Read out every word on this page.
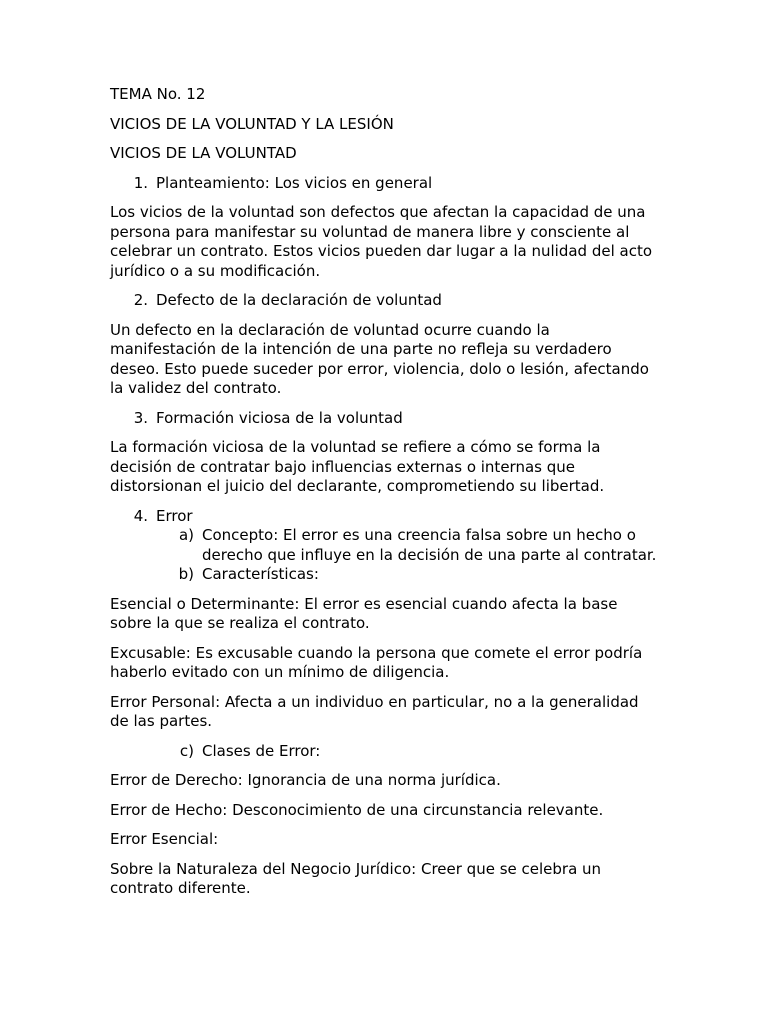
TEMA No. 12

VICIOS DE LA VOLUNTAD Y LA LESIÓN

VICIOS DE LA VOLUNTAD

1. Planteamiento: Los vicios en general

Los vicios de la voluntad son defectos que afectan la capacidad de una persona para manifestar su voluntad de manera libre y consciente al celebrar un contrato. Estos vicios pueden dar lugar a la nulidad del acto jurídico o a su modificación.

2. Defecto de la declaración de voluntad

Un defecto en la declaración de voluntad ocurre cuando la manifestación de la intención de una parte no refleja su verdadero deseo. Esto puede suceder por error, violencia, dolo o lesión, afectando la validez del contrato.

3. Formación viciosa de la voluntad

La formación viciosa de la voluntad se refiere a cómo se forma la decisión de contratar bajo influencias externas o internas que distorsionan el juicio del declarante, comprometiendo su libertad.

4. Error
a) Concepto: El error es una creencia falsa sobre un hecho o derecho que influye en la decisión de una parte al contratar.
b) Características:

Esencial o Determinante: El error es esencial cuando afecta la base sobre la que se realiza el contrato.

Excusable: Es excusable cuando la persona que comete el error podría haberlo evitado con un mínimo de diligencia.

Error Personal: Afecta a un individuo en particular, no a la generalidad de las partes.

c) Clases de Error:

Error de Derecho: Ignorancia de una norma jurídica.

Error de Hecho: Desconocimiento de una circunstancia relevante.

Error Esencial:

Sobre la Naturaleza del Negocio Jurídico: Creer que se celebra un contrato diferente.
